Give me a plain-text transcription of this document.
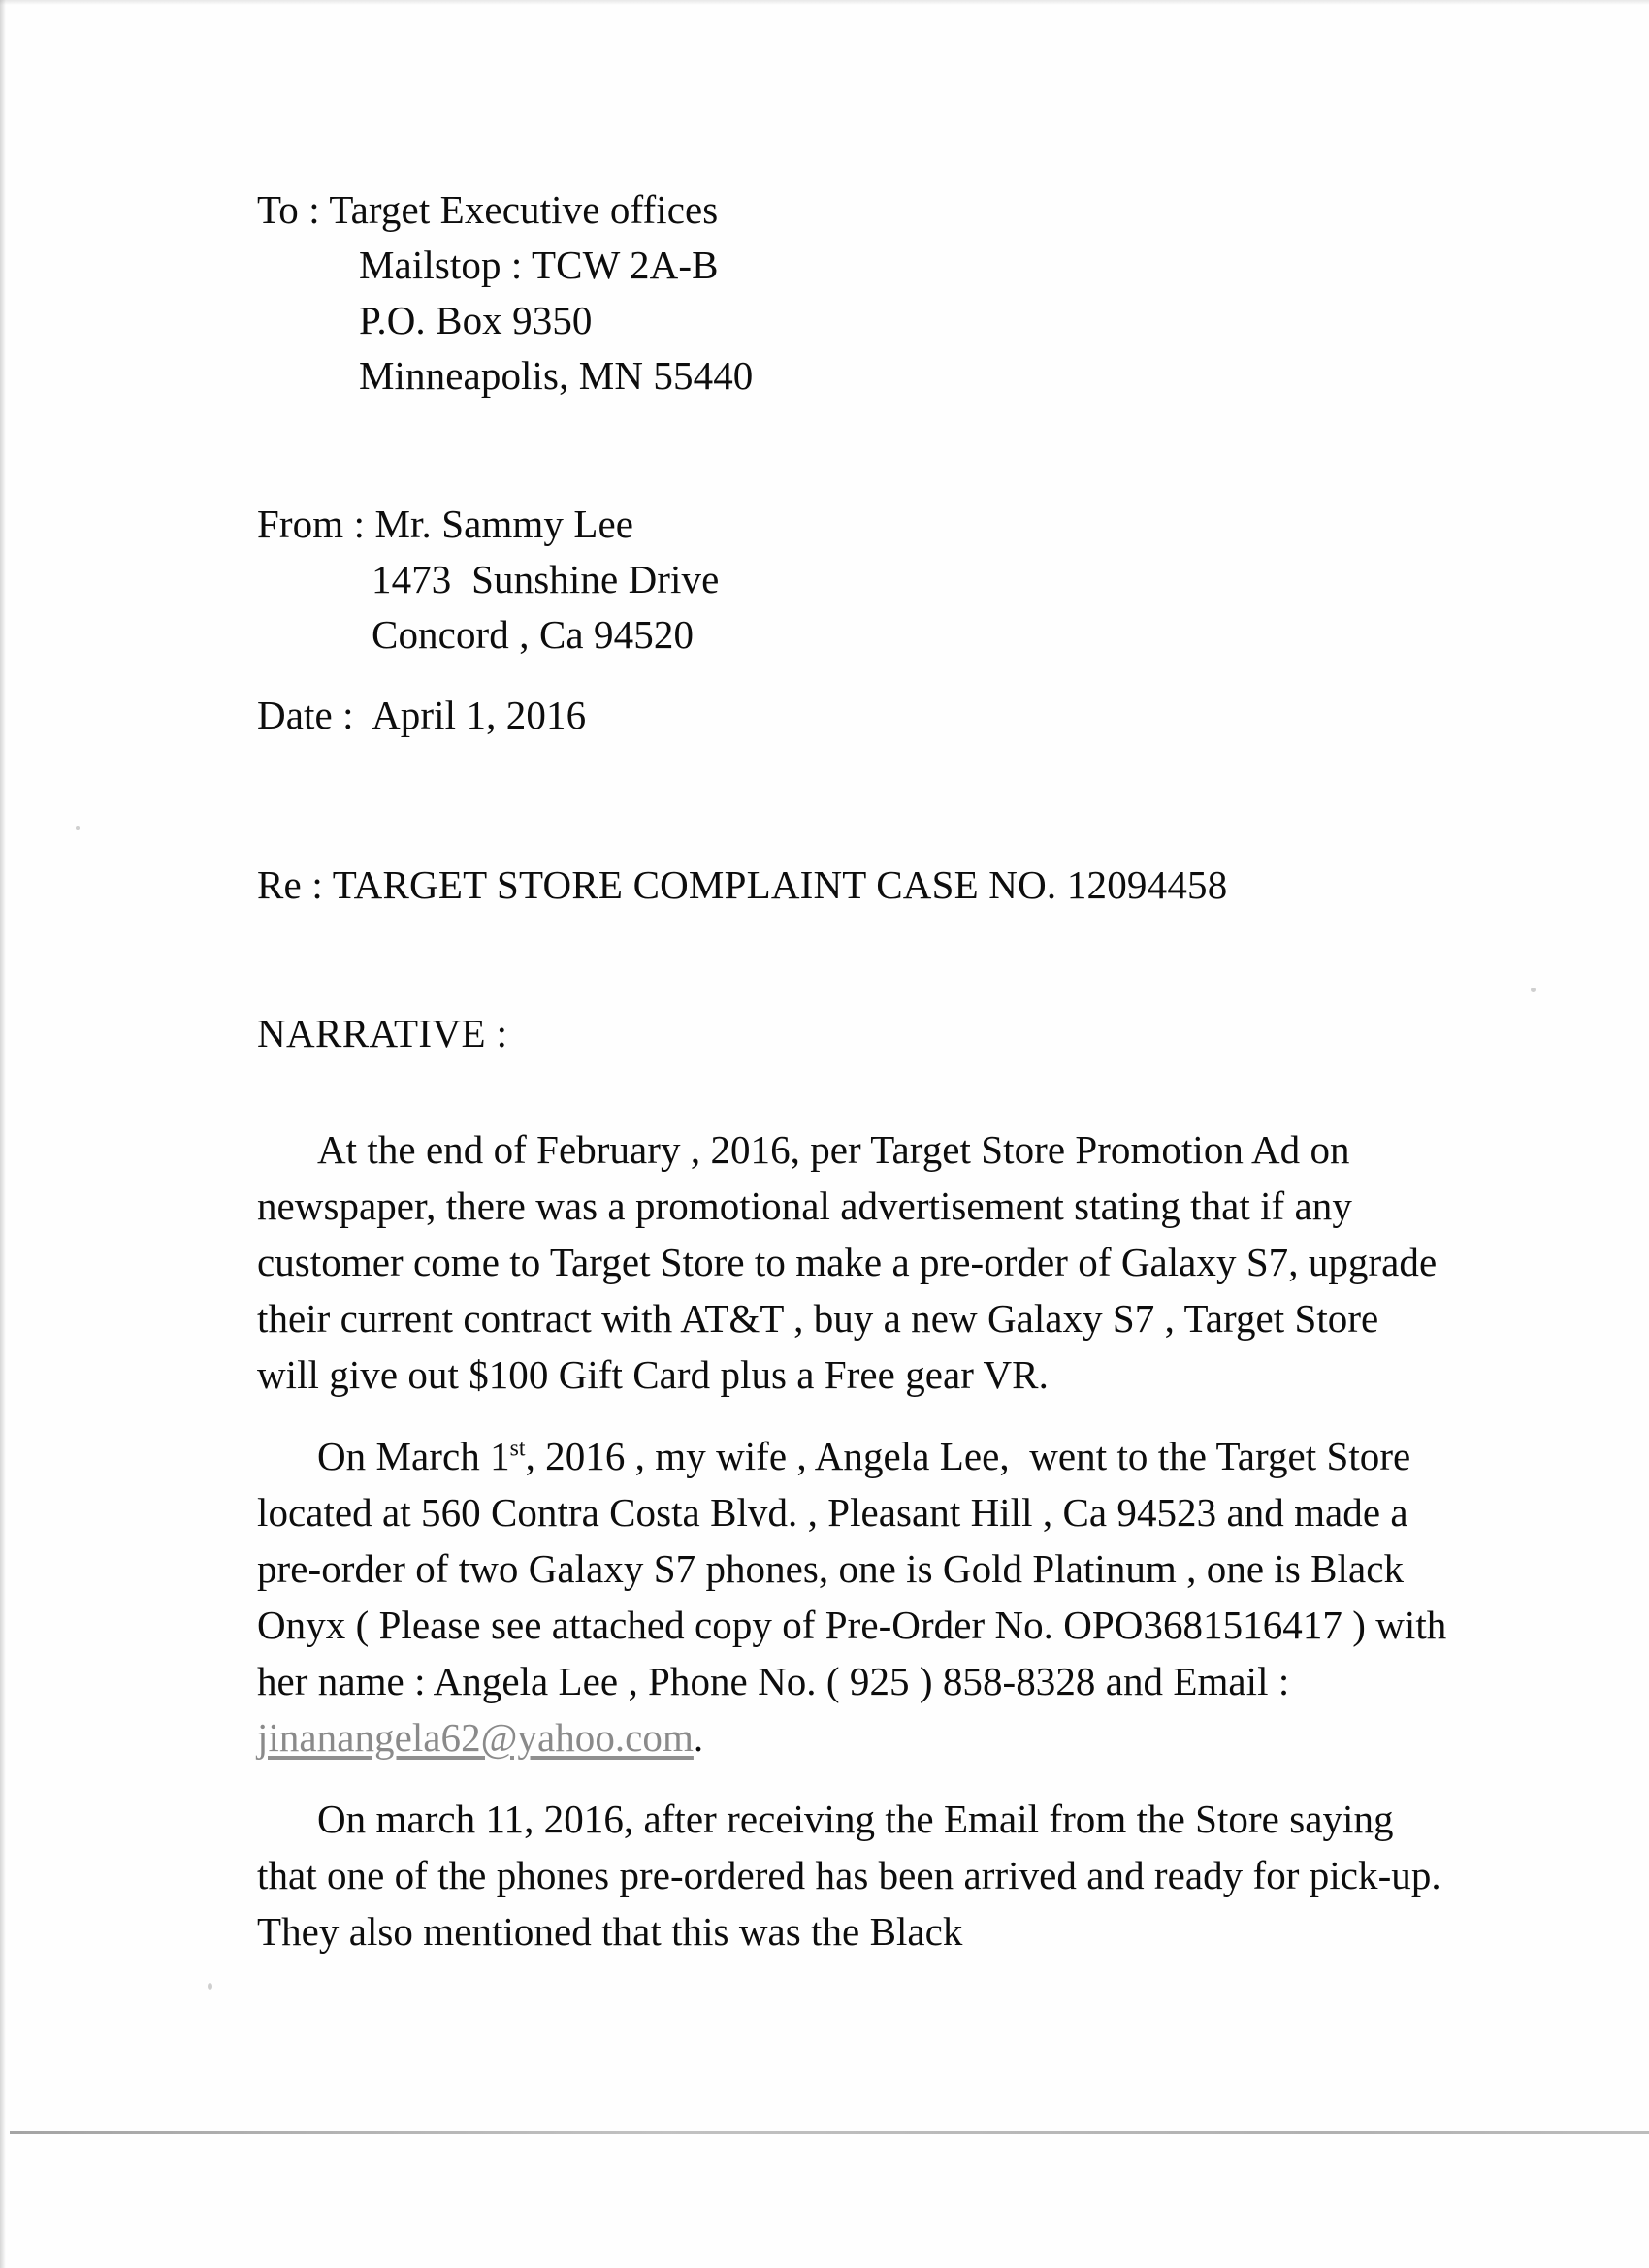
To : Target Executive offices
Mailstop : TCW 2A-B
P.O. Box 9350
Minneapolis, MN 55440
From : Mr. Sammy Lee
1473  Sunshine Drive
Concord , Ca 94520
Date :  April 1, 2016
Re : TARGET STORE COMPLAINT CASE NO. 12094458
NARRATIVE :

At the end of February , 2016, per Target Store Promotion Ad on newspaper, there was a promotional advertisement stating that if any customer come to Target Store to make a pre-order of Galaxy S7, upgrade their current contract with AT&T , buy a new Galaxy S7 , Target Store will give out $100 Gift Card plus a Free gear VR.

On March 1st, 2016 , my wife , Angela Lee,  went to the Target Store located at 560 Contra Costa Blvd. , Pleasant Hill , Ca 94523 and made a pre-order of two Galaxy S7 phones, one is Gold Platinum , one is Black Onyx ( Please see attached copy of Pre-Order No. OPO3681516417 ) with her name : Angela Lee , Phone No. ( 925 ) 858-8328 and Email : jinanangela62@yahoo.com.

On march 11, 2016, after receiving the Email from the Store saying that one of the phones pre-ordered has been arrived and ready for pick-up. They also mentioned that this was the Black
